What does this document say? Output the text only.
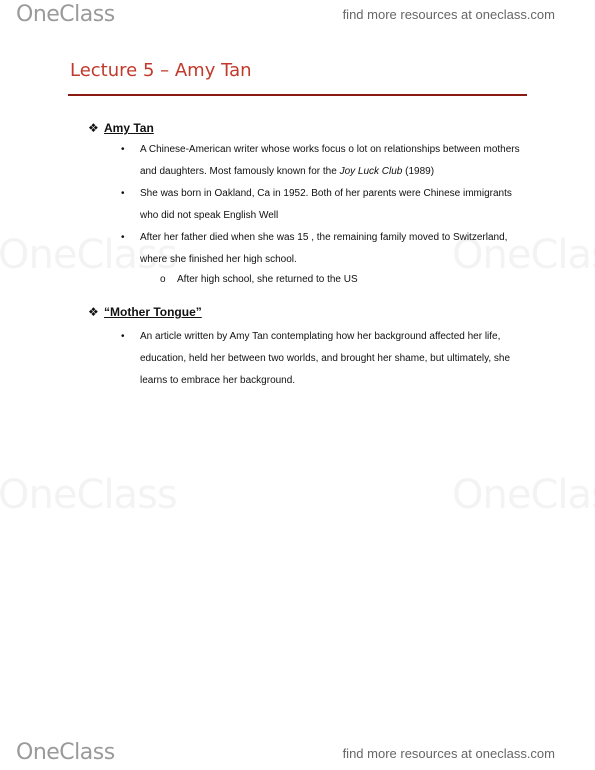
OneClass	find more resources at oneclass.com
Lecture 5 – Amy Tan
❖ Amy Tan
• A Chinese-American writer whose works focus o lot on relationships between mothers and daughters. Most famously known for the Joy Luck Club (1989)
• She was born in Oakland, Ca in 1952. Both of her parents were Chinese immigrants who did not speak English Well
• After her father died when she was 15 , the remaining family moved to Switzerland, where she finished her high school.
o After high school, she returned to the US
❖ “Mother Tongue”
• An article written by Amy Tan contemplating how her background affected her life, education, held her between two worlds, and brought her shame, but ultimately, she learns to embrace her background.
OneClass	find more resources at oneclass.com
